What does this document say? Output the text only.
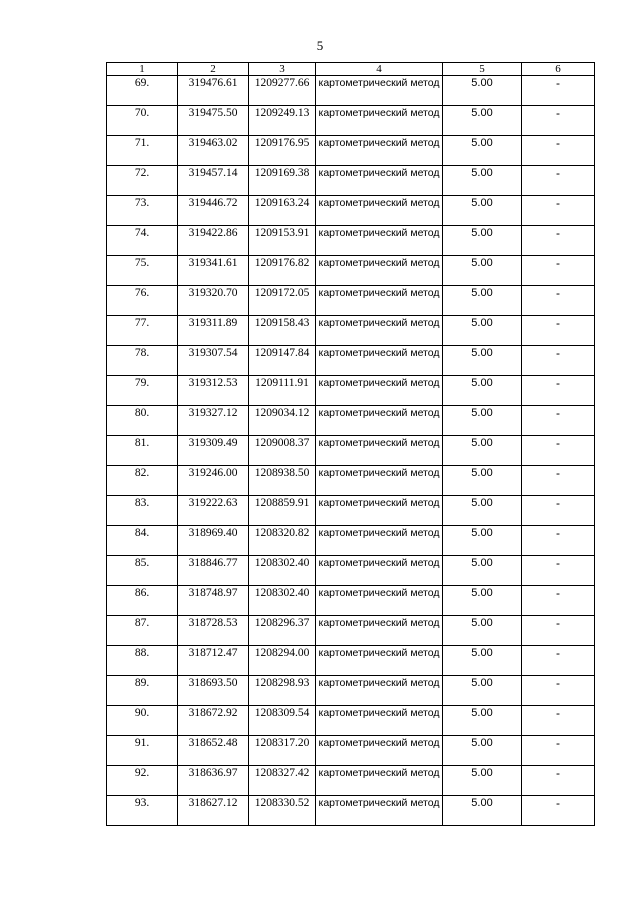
5
1	2	3	4	5	6
69.	319476.61	1209277.66	картометрический метод	5.00	-
70.	319475.50	1209249.13	картометрический метод	5.00	-
71.	319463.02	1209176.95	картометрический метод	5.00	-
72.	319457.14	1209169.38	картометрический метод	5.00	-
73.	319446.72	1209163.24	картометрический метод	5.00	-
74.	319422.86	1209153.91	картометрический метод	5.00	-
75.	319341.61	1209176.82	картометрический метод	5.00	-
76.	319320.70	1209172.05	картометрический метод	5.00	-
77.	319311.89	1209158.43	картометрический метод	5.00	-
78.	319307.54	1209147.84	картометрический метод	5.00	-
79.	319312.53	1209111.91	картометрический метод	5.00	-
80.	319327.12	1209034.12	картометрический метод	5.00	-
81.	319309.49	1209008.37	картометрический метод	5.00	-
82.	319246.00	1208938.50	картометрический метод	5.00	-
83.	319222.63	1208859.91	картометрический метод	5.00	-
84.	318969.40	1208320.82	картометрический метод	5.00	-
85.	318846.77	1208302.40	картометрический метод	5.00	-
86.	318748.97	1208302.40	картометрический метод	5.00	-
87.	318728.53	1208296.37	картометрический метод	5.00	-
88.	318712.47	1208294.00	картометрический метод	5.00	-
89.	318693.50	1208298.93	картометрический метод	5.00	-
90.	318672.92	1208309.54	картометрический метод	5.00	-
91.	318652.48	1208317.20	картометрический метод	5.00	-
92.	318636.97	1208327.42	картометрический метод	5.00	-
93.	318627.12	1208330.52	картометрический метод	5.00	-
